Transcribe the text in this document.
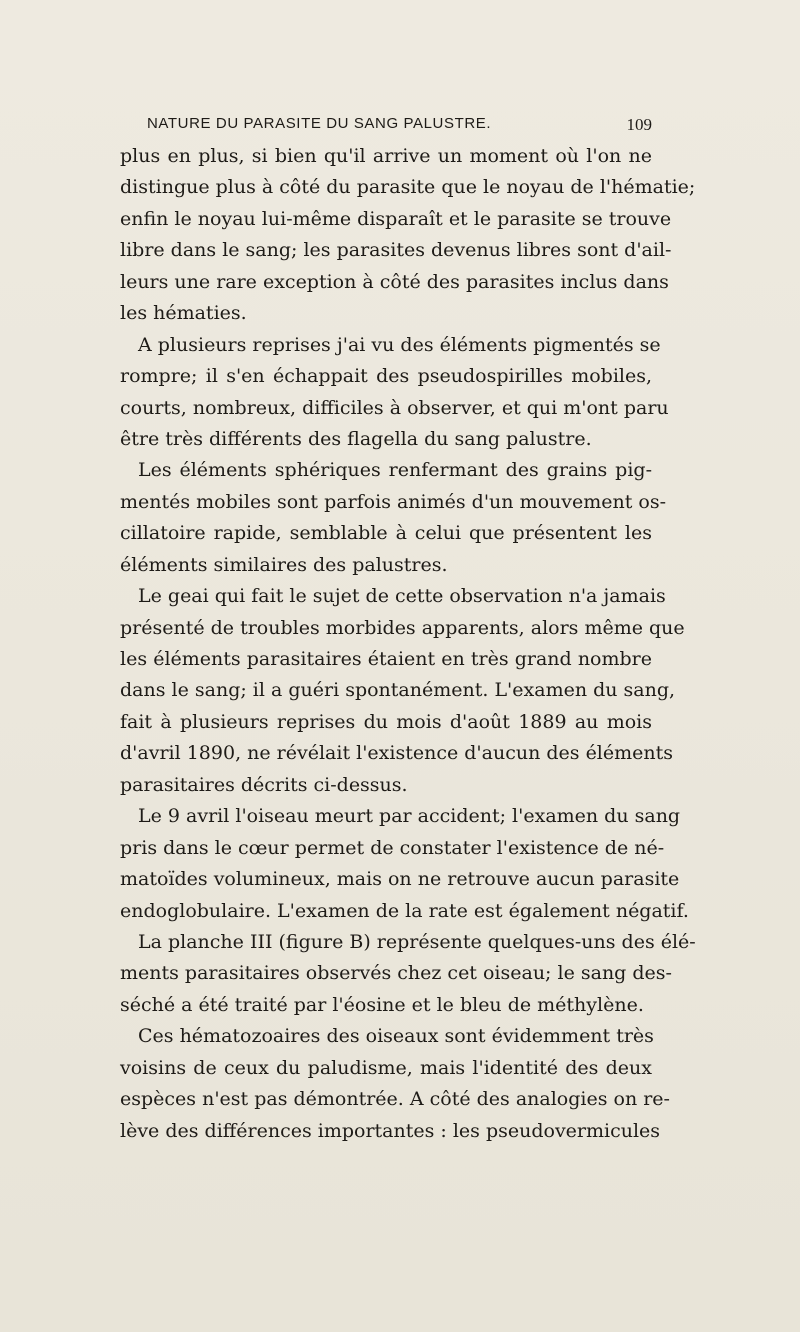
NATURE DU PARASITE DU SANG PALUSTRE.	109
plus en plus, si bien qu'il arrive un moment où l'on ne
distingue plus à côté du parasite que le noyau de l'hématie;
enfin le noyau lui-même disparaît et le parasite se trouve
libre dans le sang; les parasites devenus libres sont d'ail-
leurs une rare exception à côté des parasites inclus dans
les hématies.
A plusieurs reprises j'ai vu des éléments pigmentés se
rompre; il s'en échappait des pseudospirilles mobiles,
courts, nombreux, difficiles à observer, et qui m'ont paru
être très différents des flagella du sang palustre.
Les éléments sphériques renfermant des grains pig-
mentés mobiles sont parfois animés d'un mouvement os-
cillatoire rapide, semblable à celui que présentent les
éléments similaires des palustres.
Le geai qui fait le sujet de cette observation n'a jamais
présenté de troubles morbides apparents, alors même que
les éléments parasitaires étaient en très grand nombre
dans le sang; il a guéri spontanément. L'examen du sang,
fait à plusieurs reprises du mois d'août 1889 au mois
d'avril 1890, ne révélait l'existence d'aucun des éléments
parasitaires décrits ci-dessus.
Le 9 avril l'oiseau meurt par accident; l'examen du sang
pris dans le cœur permet de constater l'existence de né-
matoïdes volumineux, mais on ne retrouve aucun parasite
endoglobulaire. L'examen de la rate est également négatif.
La planche III (figure B) représente quelques-uns des élé-
ments parasitaires observés chez cet oiseau; le sang des-
séché a été traité par l'éosine et le bleu de méthylène.
Ces hématozoaires des oiseaux sont évidemment très
voisins de ceux du paludisme, mais l'identité des deux
espèces n'est pas démontrée. A côté des analogies on re-
lève des différences importantes : les pseudovermicules
